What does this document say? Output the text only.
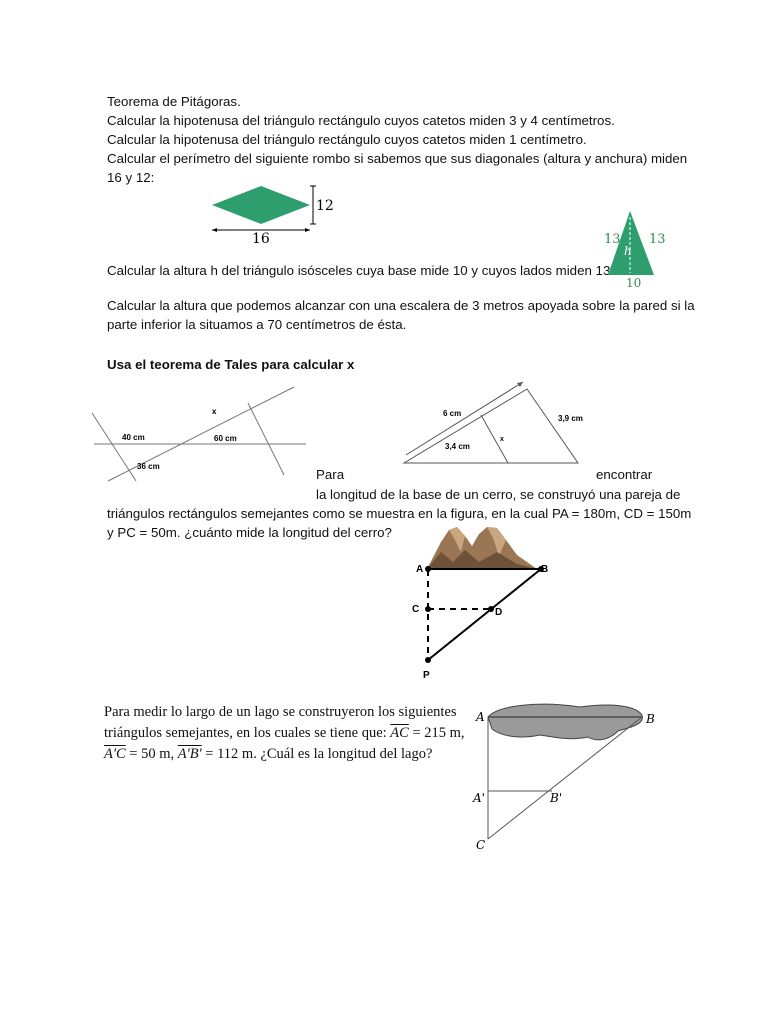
Teorema de Pitágoras.
Calcular la hipotenusa del triángulo rectángulo cuyos catetos miden 3 y 4 centímetros.
Calcular la hipotenusa del triángulo rectángulo cuyos catetos miden 1 centímetro.
Calcular el perímetro del siguiente rombo si sabemos que sus diagonales (altura y anchura) miden
16 y 12:
12
16
Calcular la altura h del triángulo isósceles cuya base mide 10 y cuyos lados miden 13
13 13
h
10
Calcular la altura que podemos alcanzar con una escalera de 3 metros apoyada sobre la pared si la
parte inferior la situamos a 70 centímetros de ésta.
Usa el teorema de Tales para calcular x
x
40 cm	60 cm
36 cm
6 cm
3,9 cm
3,4 cm
x
Para	encontrar
la longitud de la base de un cerro, se construyó una pareja de
triángulos rectángulos semejantes como se muestra en la figura, en la cual PA = 180m, CD = 150m
y PC = 50m. ¿cuánto mide la longitud del cerro?
A	B
C	D
P
Para medir lo largo de un lago se construyeron los siguientes
triángulos semejantes, en los cuales se tiene que: $\overline{AC} = 215$ m,
A'C = 50 m, A'B' = 112 m. ¿Cuál es la longitud del lago?
A	B
A'	B'
C
